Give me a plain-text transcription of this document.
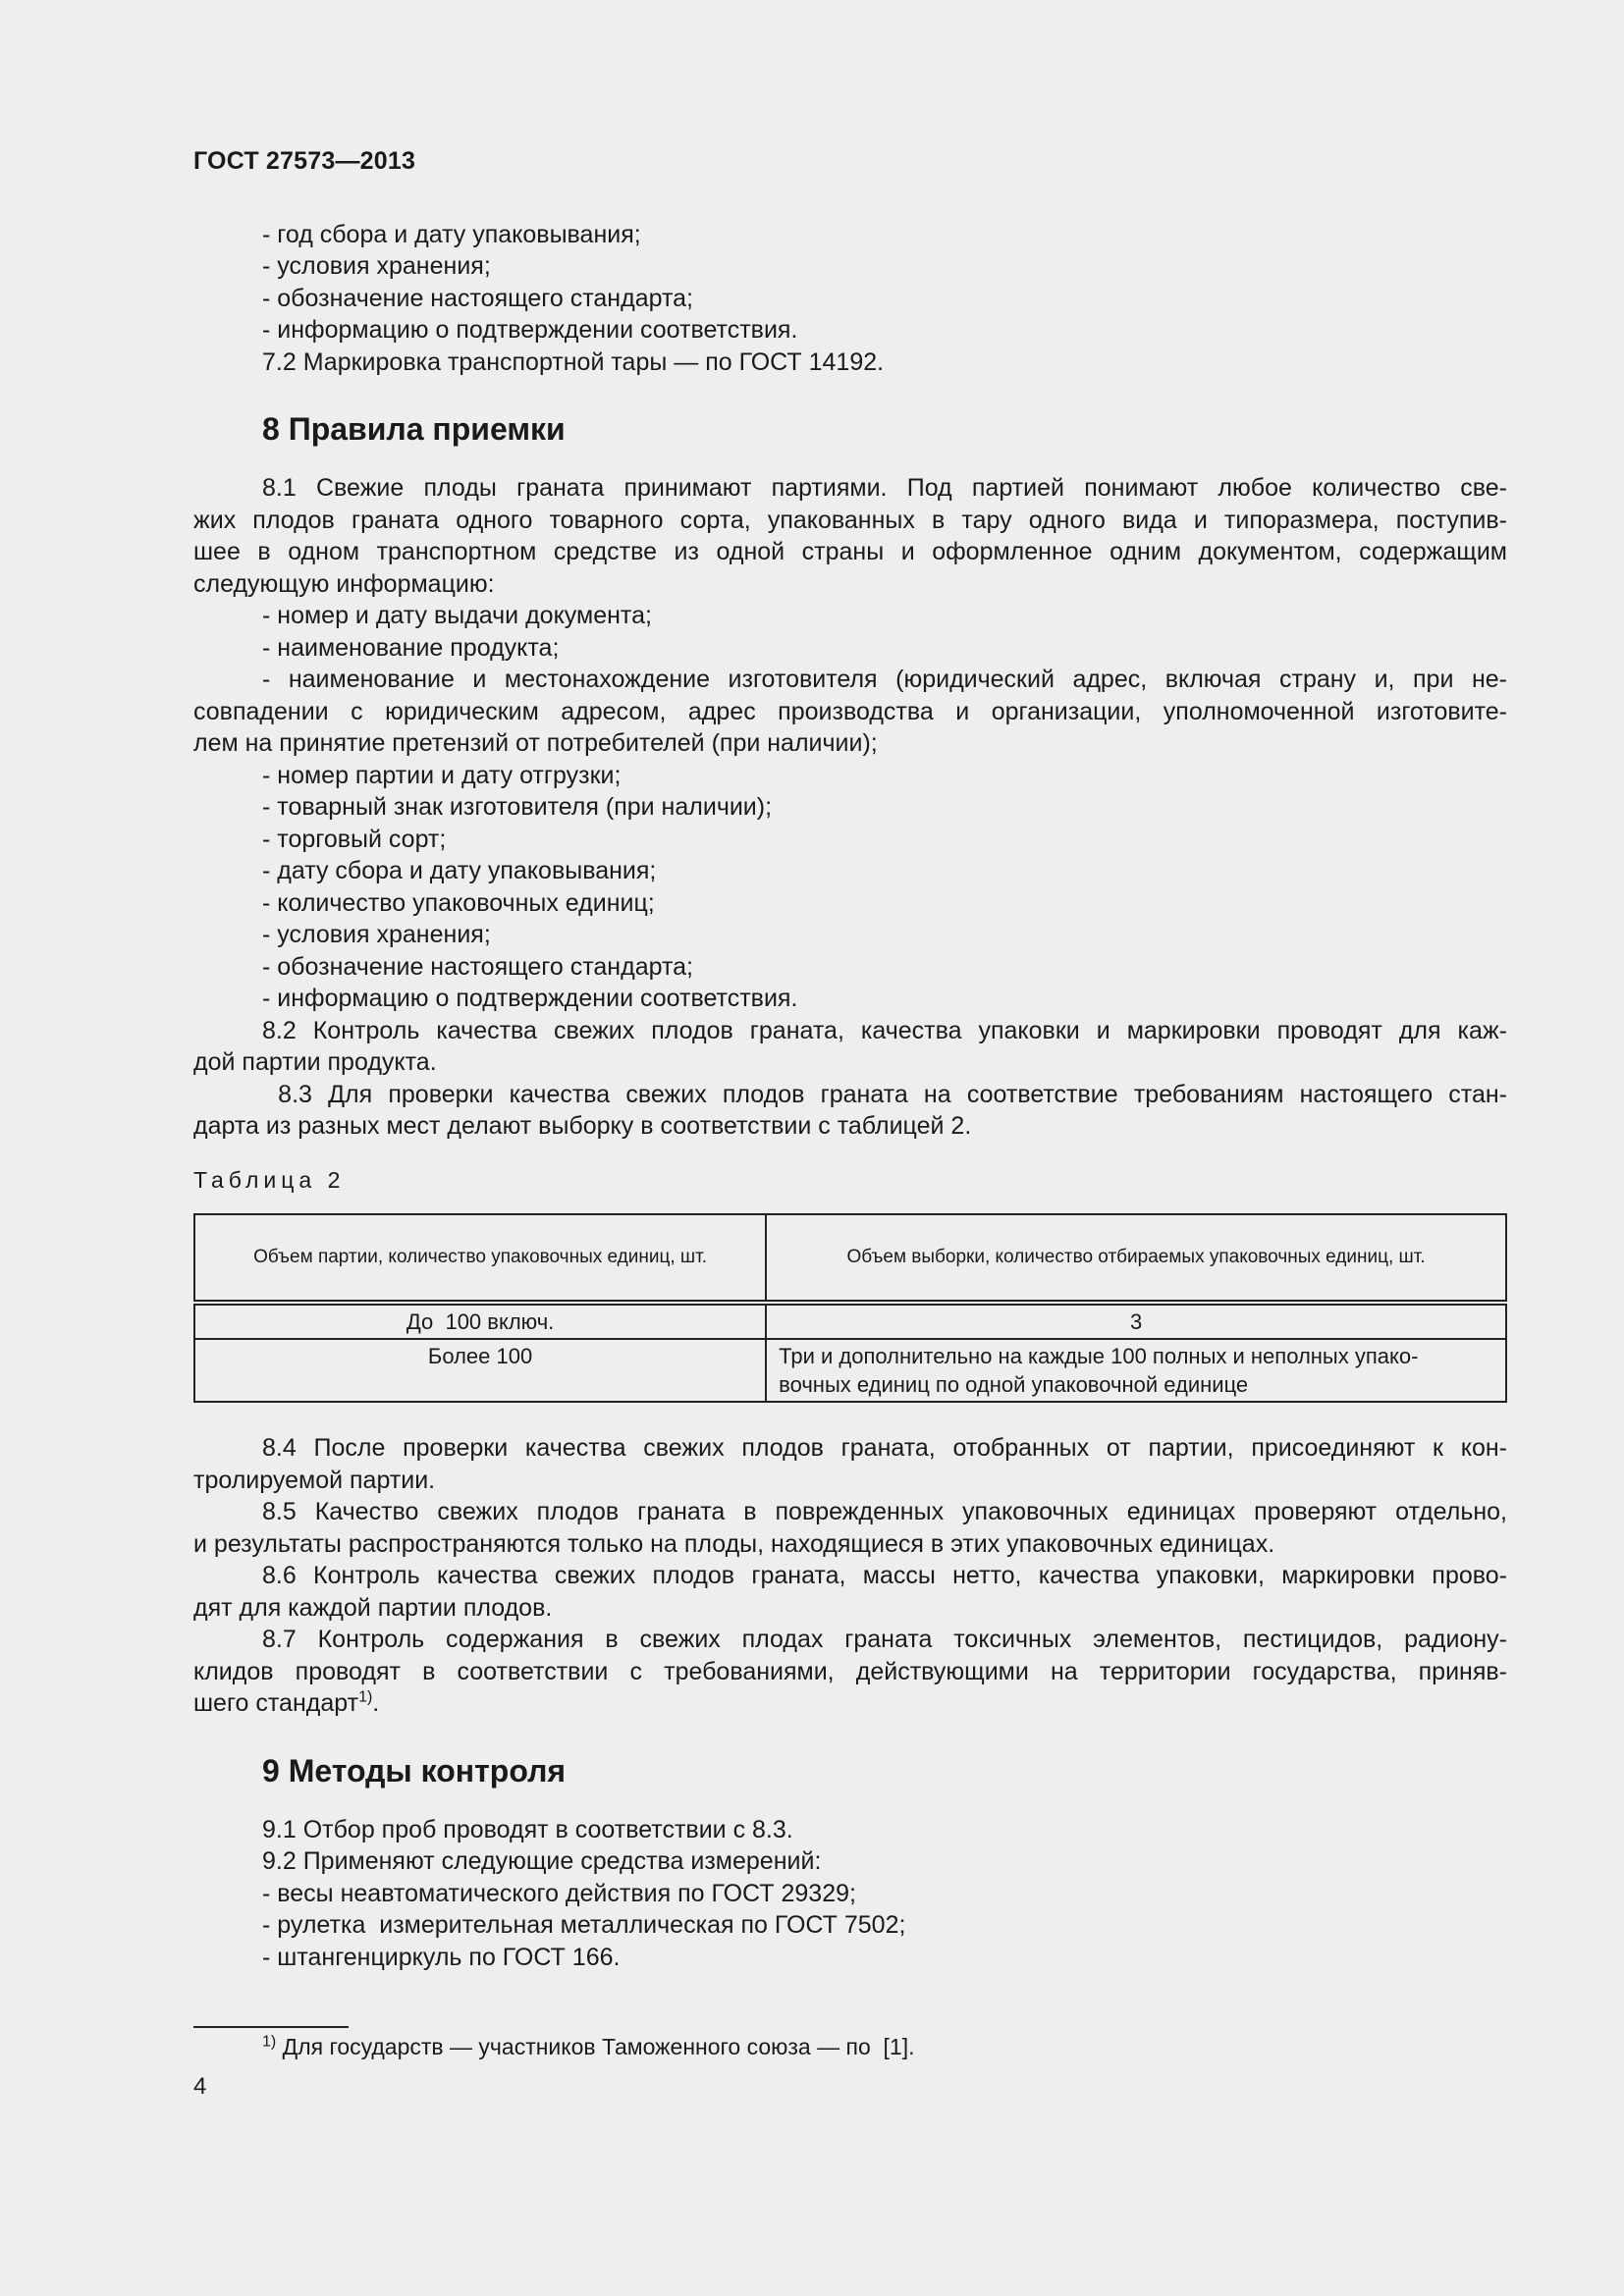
ГОСТ 27573—2013

- год сбора и дату упаковывания;

- условия хранения;

- обозначение настоящего стандарта;

- информацию о подтверждении соответствия.

7.2 Маркировка транспортной тары — по ГОСТ 14192.

8 Правила приемки

8.1 Свежие плоды граната принимают партиями. Под партией понимают любое количество све-

жих плодов граната одного товарного сорта, упакованных в тару одного вида и типоразмера, поступив-

шее в одном транспортном средстве из одной страны и оформленное одним документом, содержащим

следующую информацию:

- номер и дату выдачи документа;

- наименование продукта;

- наименование и местонахождение изготовителя (юридический адрес, включая страну и, при не-

совпадении с юридическим адресом, адрес производства и организации, уполномоченной изготовите-

лем на принятие претензий от потребителей (при наличии);

- номер партии и дату отгрузки;

- товарный знак изготовителя (при наличии);

- торговый сорт;

- дату сбора и дату упаковывания;

- количество упаковочных единиц;

- условия хранения;

- обозначение настоящего стандарта;

- информацию о подтверждении соответствия.

8.2 Контроль качества свежих плодов граната, качества упаковки и маркировки проводят для каж-

дой партии продукта.

8.3 Для проверки качества свежих плодов граната на соответствие требованиям настоящего стан-

дарта из разных мест делают выборку в соответствии с таблицей 2.

Таблица 2
Объем партии, количество упаковочных единиц, шт.	Объем выборки, количество отбираемых упаковочных единиц, шт.
До  100 включ.	3
Более 100	Три и дополнительно на каждые 100 полных и неполных упако-
вочных единиц по одной упаковочной единице

8.4 После проверки качества свежих плодов граната, отобранных от партии, присоединяют к кон-

тролируемой партии.

8.5 Качество свежих плодов граната в поврежденных упаковочных единицах проверяют отдельно,

и результаты распространяются только на плоды, находящиеся в этих упаковочных единицах.

8.6 Контроль качества свежих плодов граната, массы нетто, качества упаковки, маркировки прово-

дят для каждой партии плодов.

8.7 Контроль содержания в свежих плодах граната токсичных элементов, пестицидов, радиону-

клидов проводят в соответствии с требованиями, действующими на территории государства, приняв-

шего стандарт$^{1)}$.

9 Методы контроля

9.1 Отбор проб проводят в соответствии с 8.3.

9.2 Применяют следующие средства измерений:

- весы неавтоматического действия по ГОСТ 29329;

- рулетка  измерительная металлическая по ГОСТ 7502;

- штангенциркуль по ГОСТ 166.

$^{1)}$ Для государств — участников Таможенного союза — по  [1].
4
